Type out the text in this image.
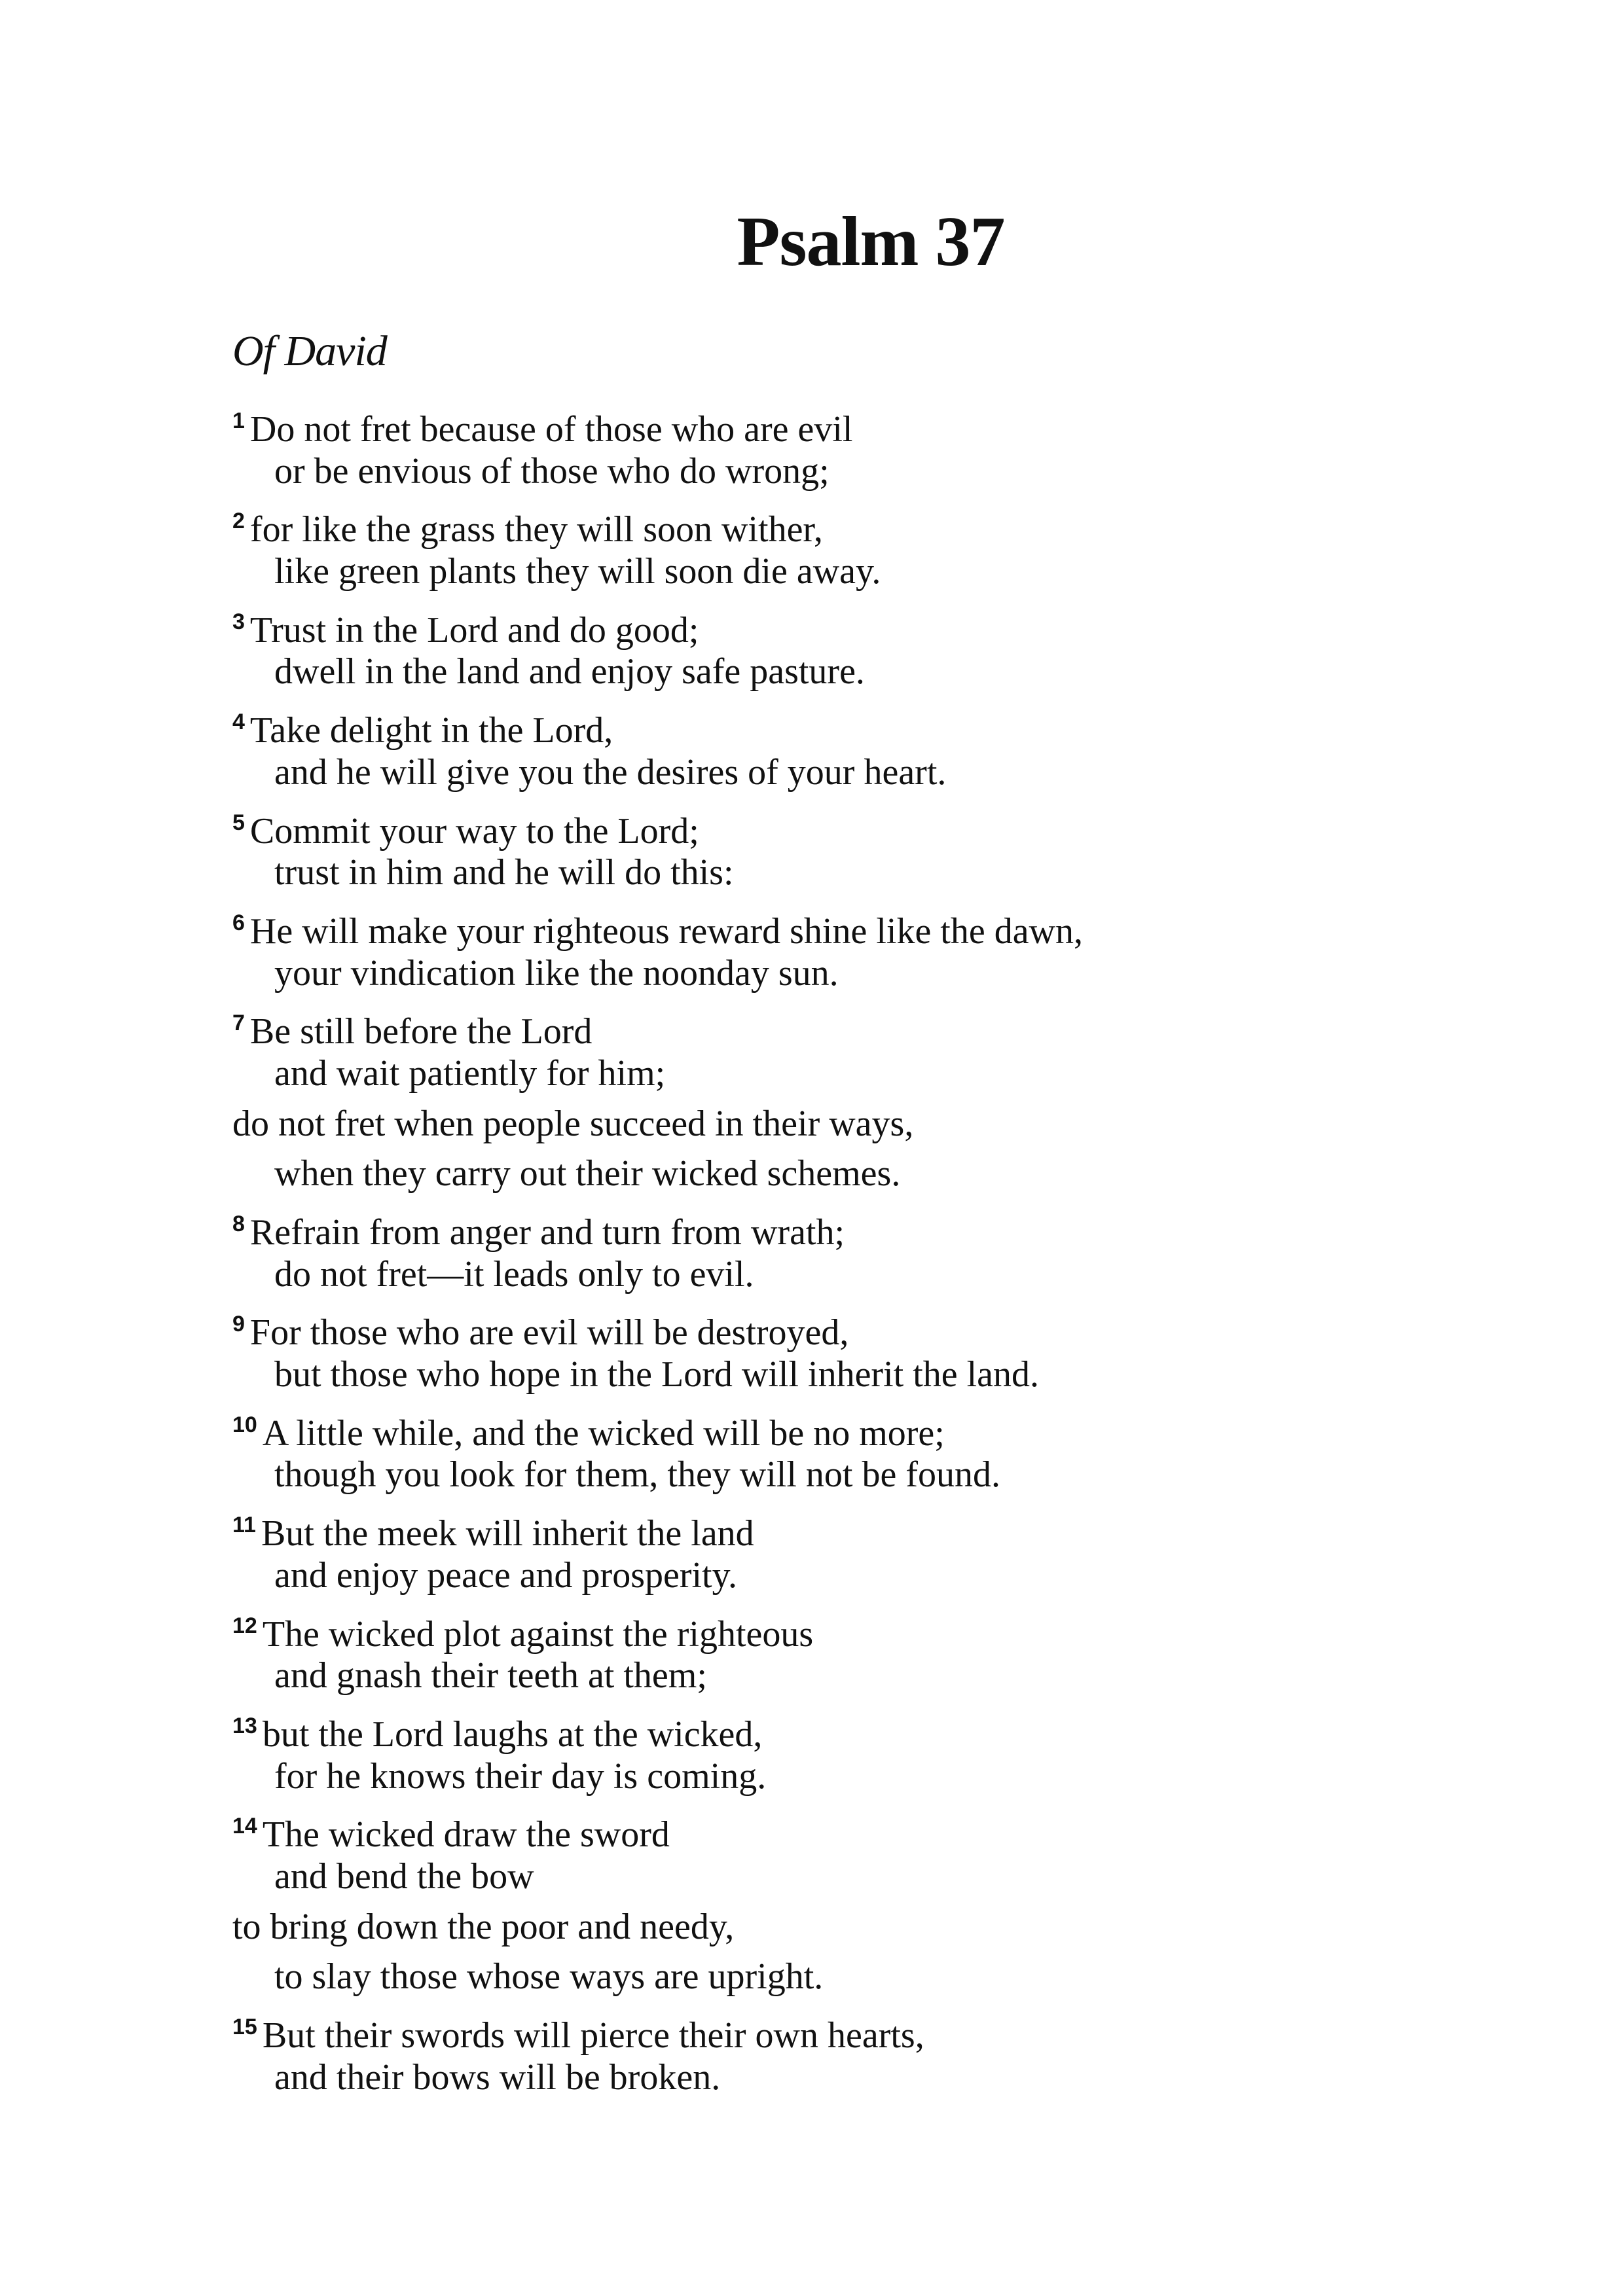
Psalm 37

Of David

$^1$ Do not fret because of those who are evil
or be envious of those who do wrong;
$^2$ for like the grass they will soon wither,
like green plants they will soon die away.
$^3$ Trust in the Lord and do good;
dwell in the land and enjoy safe pasture.
$^4$ Take delight in the Lord,
and he will give you the desires of your heart.
$^5$ Commit your way to the Lord;
trust in him and he will do this:
$^6$ He will make your righteous reward shine like the dawn,
your vindication like the noonday sun.
$^7$ Be still before the Lord
and wait patiently for him;
do not fret when people succeed in their ways,
when they carry out their wicked schemes.
$^8$ Refrain from anger and turn from wrath;
do not fret—it leads only to evil.
$^9$ For those who are evil will be destroyed,
but those who hope in the Lord will inherit the land.
$^{10}$ A little while, and the wicked will be no more;
though you look for them, they will not be found.
$^{11}$ But the meek will inherit the land
and enjoy peace and prosperity.
$^{12}$ The wicked plot against the righteous
and gnash their teeth at them;
$^{13}$ but the Lord laughs at the wicked,
for he knows their day is coming.
$^{14}$ The wicked draw the sword
and bend the bow
to bring down the poor and needy,
to slay those whose ways are upright.
$^{15}$ But their swords will pierce their own hearts,
and their bows will be broken.
